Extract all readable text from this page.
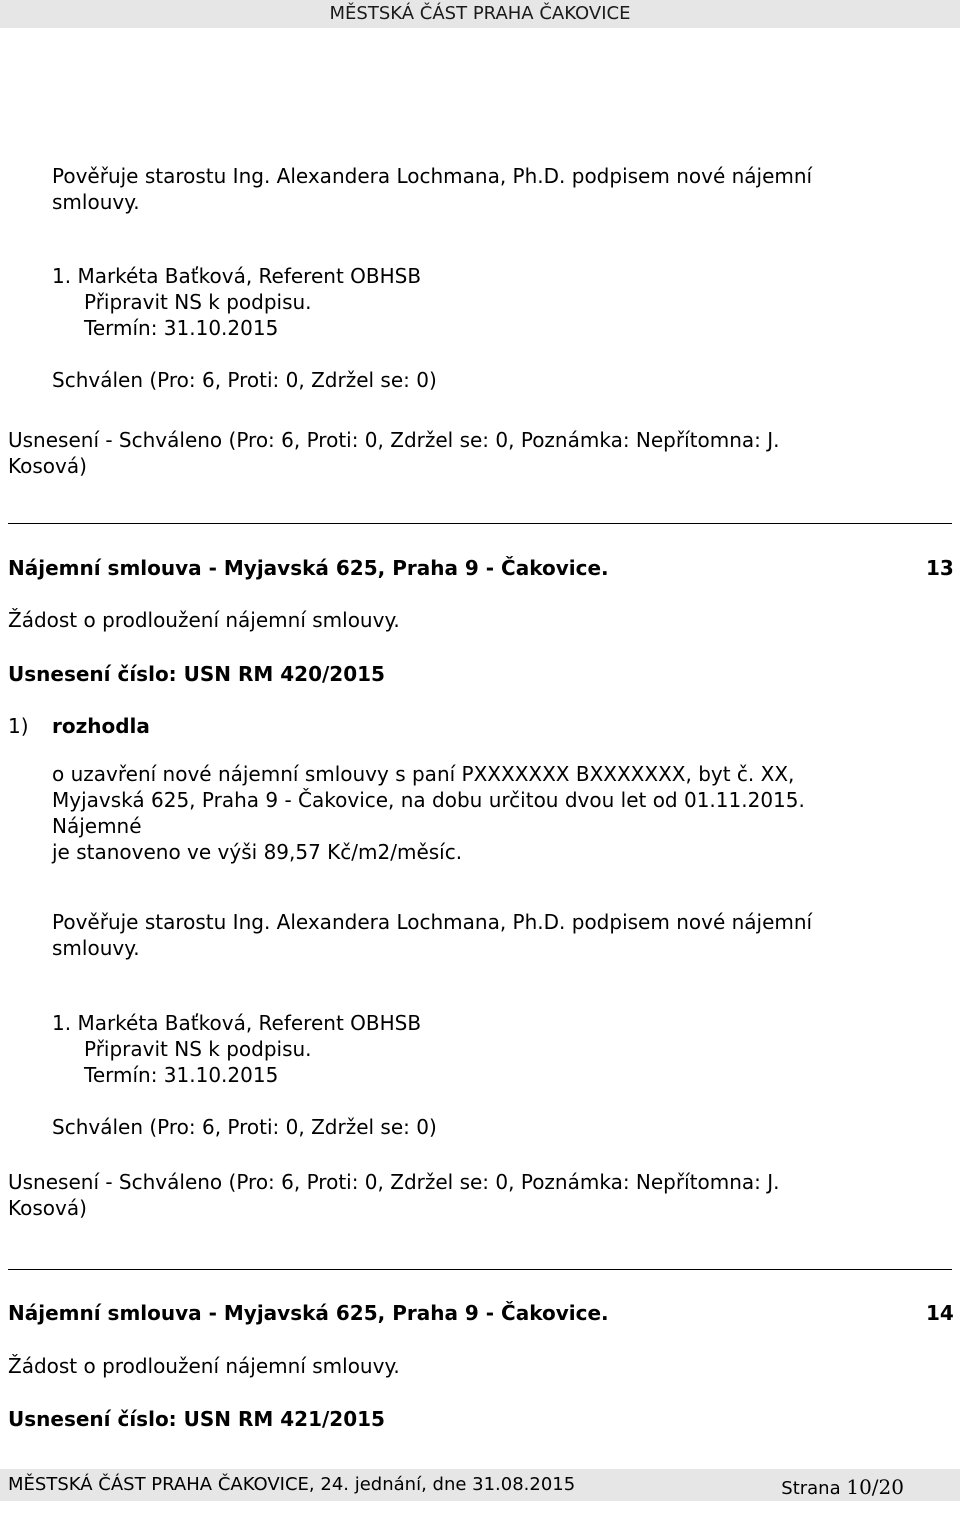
MĚSTSKÁ ČÁST PRAHA ČAKOVICE
Pověřuje starostu Ing. Alexandera Lochmana, Ph.D. podpisem nové nájemní
smlouvy.
1. Markéta Baťková, Referent OBHSB
Připravit NS k podpisu.
Termín: 31.10.2015
Schválen (Pro: 6, Proti: 0, Zdržel se: 0)
Usnesení - Schváleno (Pro: 6, Proti: 0, Zdržel se: 0, Poznámka: Nepřítomna: J.
Kosová)
Nájemní smlouva - Myjavská 625, Praha 9 - Čakovice.	13
Žádost o prodloužení nájemní smlouvy.
Usnesení číslo: USN RM 420/2015
1) rozhodla
o uzavření nové nájemní smlouvy s paní PXXXXXXX BXXXXXXX, byt č. XX,
Myjavská 625, Praha 9 - Čakovice, na dobu určitou dvou let od 01.11.2015.
Nájemné
je stanoveno ve výši 89,57 Kč/m2/měsíc.
Pověřuje starostu Ing. Alexandera Lochmana, Ph.D. podpisem nové nájemní
smlouvy.
1. Markéta Baťková, Referent OBHSB
Připravit NS k podpisu.
Termín: 31.10.2015
Schválen (Pro: 6, Proti: 0, Zdržel se: 0)
Usnesení - Schváleno (Pro: 6, Proti: 0, Zdržel se: 0, Poznámka: Nepřítomna: J.
Kosová)
Nájemní smlouva - Myjavská 625, Praha 9 - Čakovice.	14
Žádost o prodloužení nájemní smlouvy.
Usnesení číslo: USN RM 421/2015
MĚSTSKÁ ČÁST PRAHA ČAKOVICE, 24. jednání, dne 31.08.2015	Strana 10/20
